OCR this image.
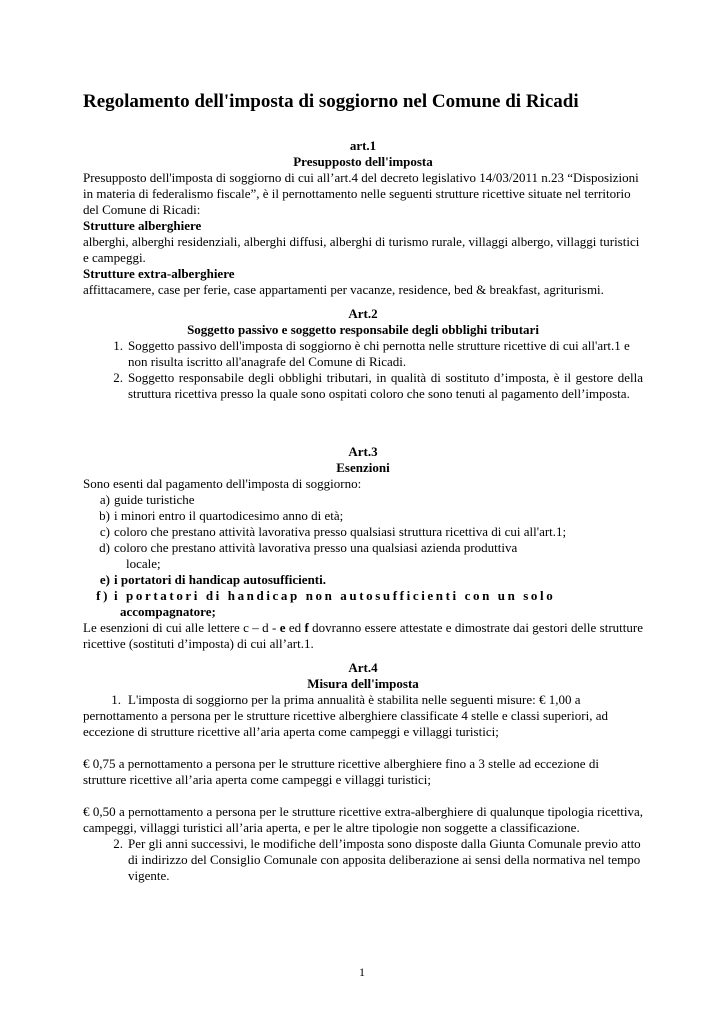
Regolamento dell'imposta di soggiorno nel Comune di Ricadi
art.1
Presupposto dell'imposta
Presupposto dell'imposta di soggiorno di cui all’art.4 del decreto legislativo 14/03/2011 n.23 “Disposizioni in materia di federalismo fiscale”, è il pernottamento nelle seguenti strutture ricettive situate nel territorio del Comune di Ricadi:
Strutture alberghiere
alberghi, alberghi residenziali, alberghi diffusi, alberghi di turismo rurale, villaggi albergo, villaggi turistici e campeggi.
Strutture extra-alberghiere
affittacamere, case per ferie, case appartamenti per vacanze, residence, bed & breakfast, agriturismi.
Art.2
Soggetto passivo e soggetto responsabile degli obblighi tributari
1. Soggetto passivo dell'imposta di soggiorno è chi pernotta nelle strutture ricettive di cui all'art.1 e non risulta iscritto all'anagrafe del Comune di Ricadi.
2. Soggetto responsabile degli obblighi tributari, in qualità di sostituto d’imposta, è il gestore della struttura ricettiva presso la quale sono ospitati coloro che sono tenuti al pagamento dell’imposta.
Art.3
Esenzioni
Sono esenti dal pagamento dell'imposta di soggiorno:
a) guide turistiche
b) i minori entro il quartodicesimo anno di età;
c) coloro che prestano attività lavorativa presso qualsiasi struttura ricettiva di cui all'art.1;
d) coloro che prestano attività lavorativa presso una qualsiasi azienda produttiva
locale;
e) i portatori di handicap autosufficienti.
f) i portatori di handicap non autosufficienti con un solo
accompagnatore;
Le esenzioni di cui alle lettere c – d - e ed f dovranno essere attestate e dimostrate dai gestori delle strutture ricettive (sostituti d’imposta) di cui all’art.1.
Art.4
Misura dell'imposta
1. L'imposta di soggiorno per la prima annualità è stabilita nelle seguenti misure: € 1,00 a pernottamento a persona per le strutture ricettive alberghiere classificate 4 stelle e classi superiori, ad eccezione di strutture ricettive all’aria aperta come campeggi e villaggi turistici;
€ 0,75 a pernottamento a persona per le strutture ricettive alberghiere fino a 3 stelle ad eccezione di strutture ricettive all’aria aperta come campeggi e villaggi turistici;
€ 0,50 a pernottamento a persona per le strutture ricettive extra-alberghiere di qualunque tipologia ricettiva, campeggi, villaggi turistici all’aria aperta, e per le altre tipologie non soggette a classificazione.
2. Per gli anni successivi, le modifiche dell’imposta sono disposte dalla Giunta Comunale previo atto di indirizzo del Consiglio Comunale con apposita deliberazione ai sensi della normativa nel tempo vigente.
1
